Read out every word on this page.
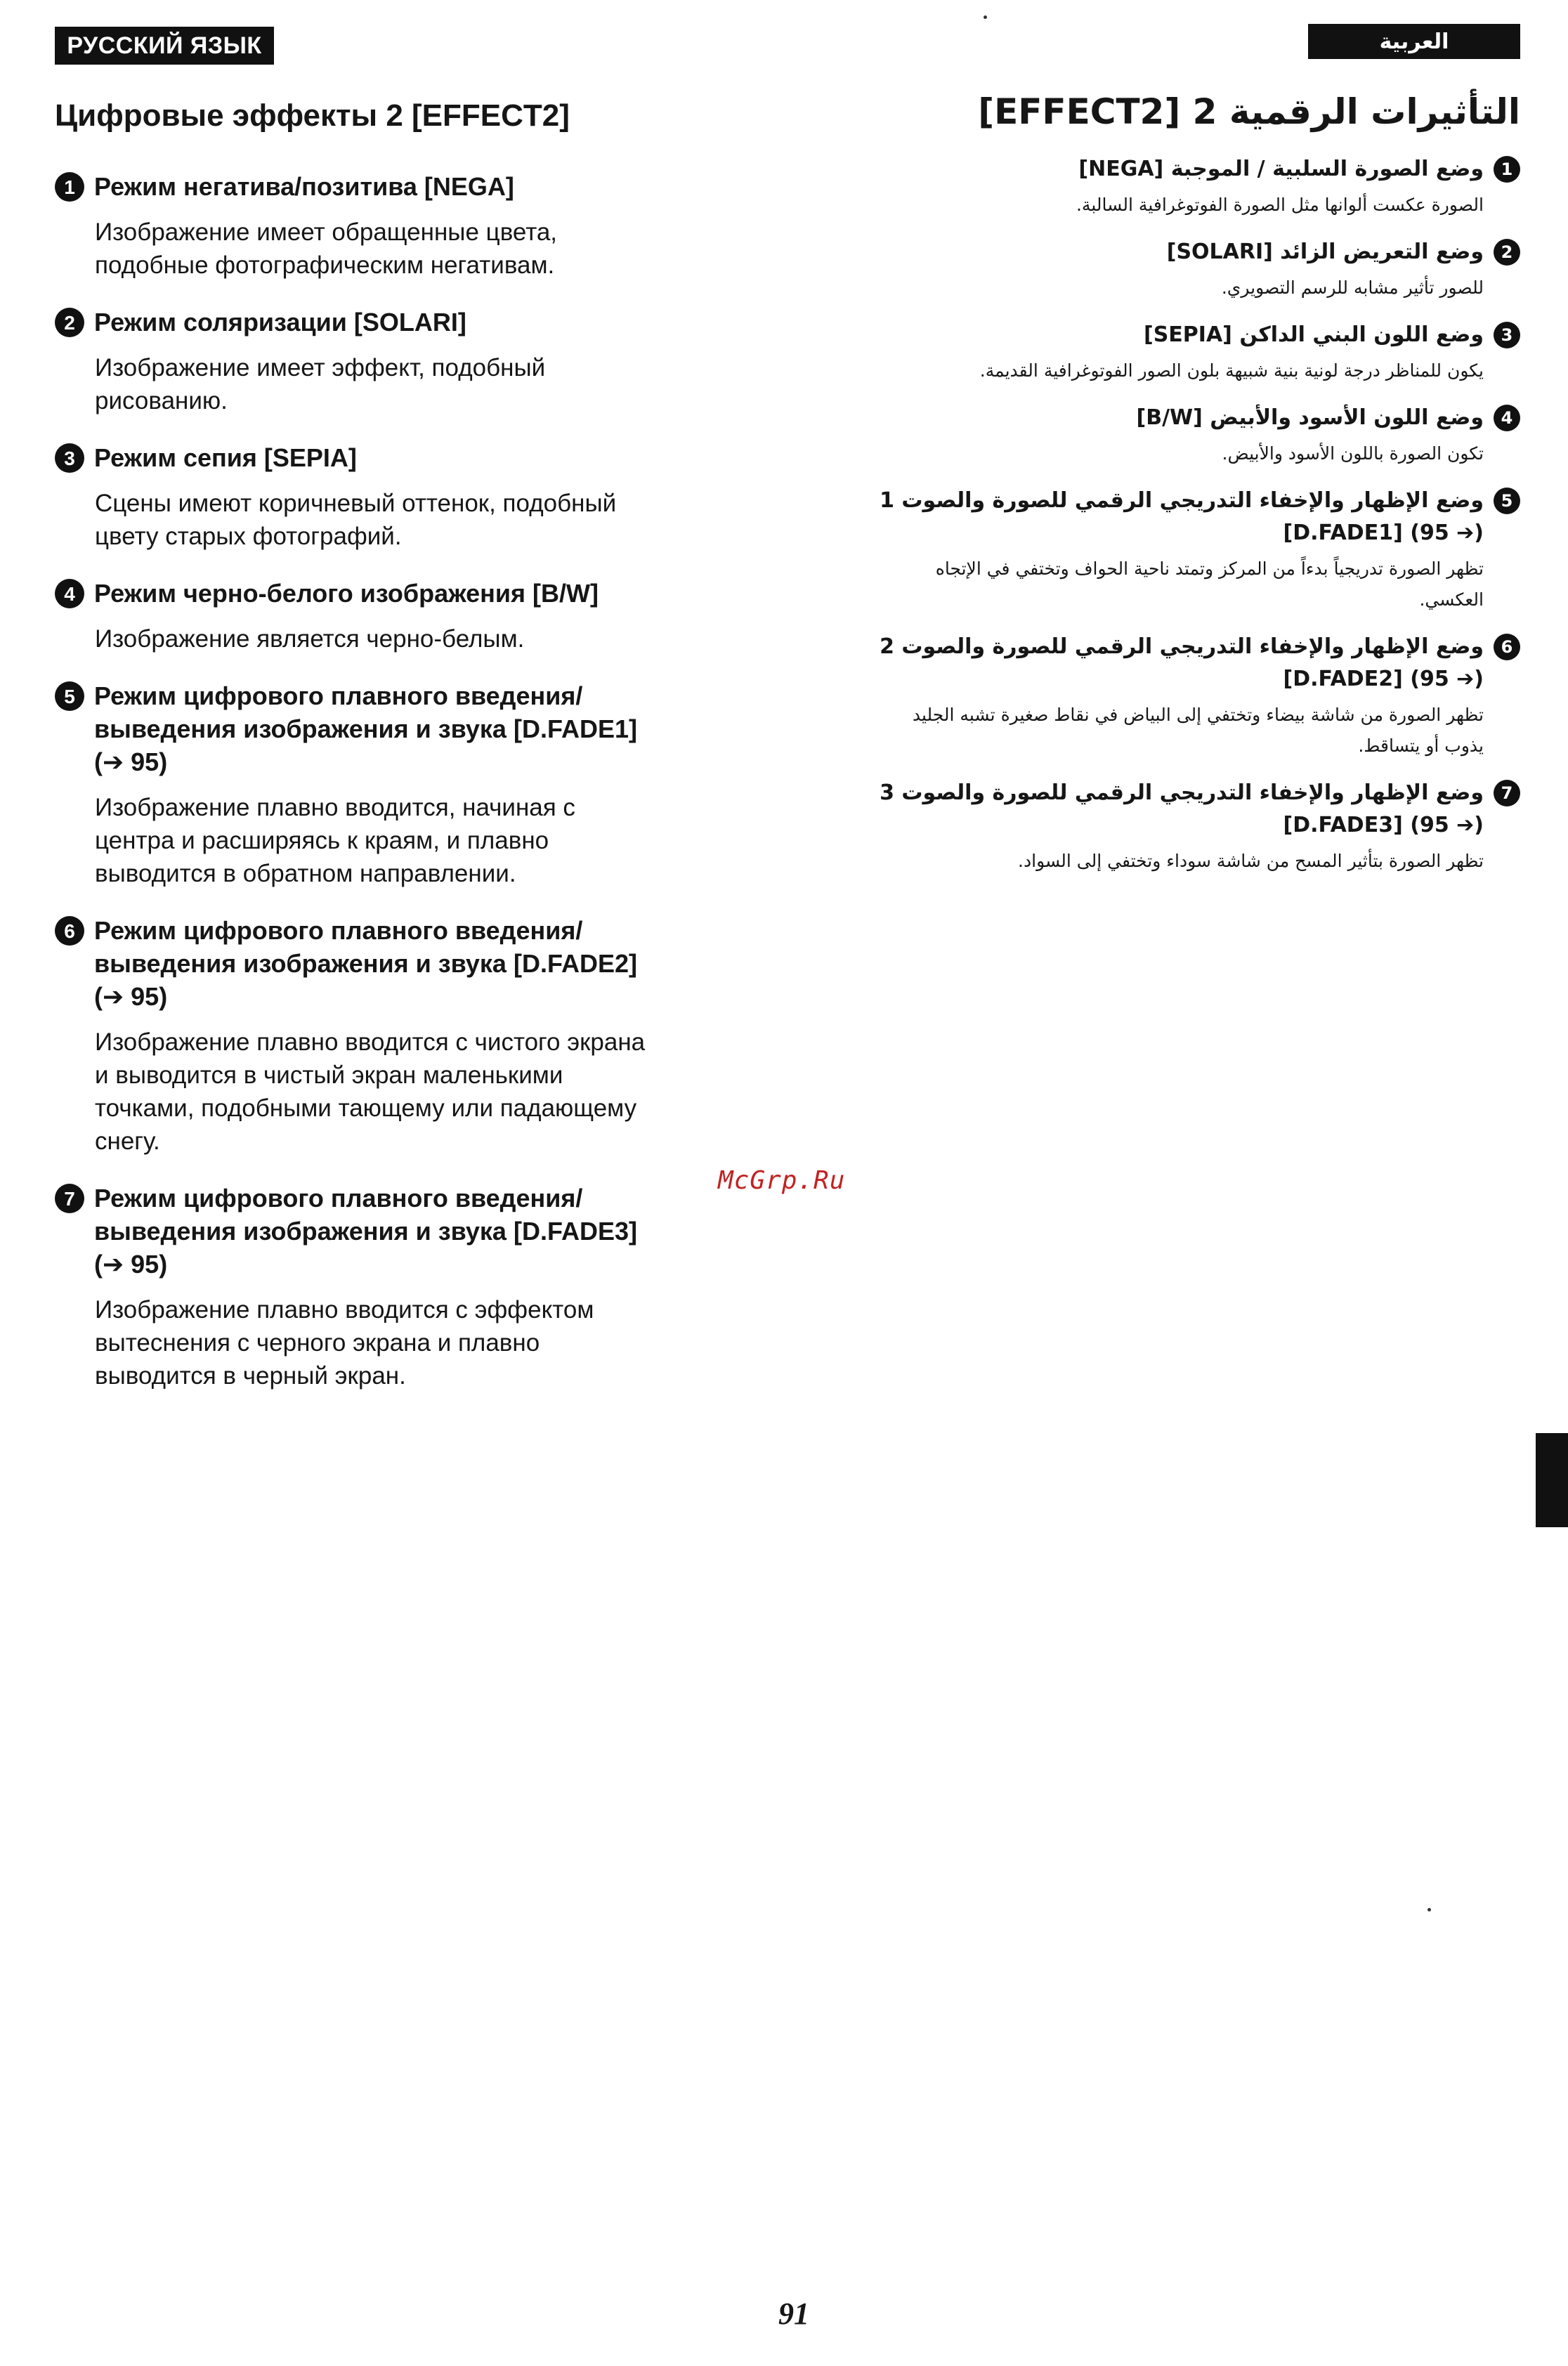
РУССКИЙ ЯЗЫК	العربية
Цифровые эффекты 2 [EFFECT2]
1 Режим негатива/позитива [NEGA]
Изображение имеет обращенные цвета,
подобные фотографическим негативам.
2 Режим соляризации [SOLARI]
Изображение имеет эффект, подобный
рисованию.
3 Режим сепия [SEPIA]
Сцены имеют коричневый оттенок, подобный
цвету старых фотографий.
4 Режим черно-белого изображения [B/W]
Изображение является черно-белым.
5 Режим цифрового плавного введения/
выведения изображения и звука [D.FADE1]
(➔ 95)
Изображение плавно вводится, начиная с
центра и расширяясь к краям, и плавно
выводится в обратном направлении.
6 Режим цифрового плавного введения/
выведения изображения и звука [D.FADE2]
(➔ 95)
Изображение плавно вводится с чистого экрана
и выводится в чистый экран маленькими
точками, подобными тающему или падающему
снегу.
7 Режим цифрового плавного введения/
выведения изображения и звука [D.FADE3]
(➔ 95)
Изображение плавно вводится с эффектом
вытеснения с черного экрана и плавно
выводится в черный экран.
التأثيرات الرقمية 2 [EFFECT2]
1
وضع الصورة السلبية / الموجبة [NEGA]
الصورة عكست ألوانها مثل الصورة الفوتوغرافية السالبة.
2
وضع التعريض الزائد [SOLARI]
للصور تأثير مشابه للرسم التصويري.
3
وضع اللون البني الداكن [SEPIA]
يكون للمناظر درجة لونية بنية شبيهة بلون الصور الفوتوغرافية القديمة.
4
وضع اللون الأسود والأبيض [B/W]
تكون الصورة باللون الأسود والأبيض.
5
وضع الإظهار والإخفاء التدريجي الرقمي للصورة والصوت 1
(➔ 95) [D.FADE1]
تظهر الصورة تدريجياً بدءاً من المركز وتمتد ناحية الحواف وتختفي في الإتجاه
العكسي.
6
وضع الإظهار والإخفاء التدريجي الرقمي للصورة والصوت 2
(➔ 95) [D.FADE2]
تظهر الصورة من شاشة بيضاء وتختفي إلى البياض في نقاط صغيرة تشبه الجليد
يذوب أو يتساقط.
7
وضع الإظهار والإخفاء التدريجي الرقمي للصورة والصوت 3
(➔ 95) [D.FADE3]
تظهر الصورة بتأثير المسح من شاشة سوداء وتختفي إلى السواد.
McGrp.Ru
91
